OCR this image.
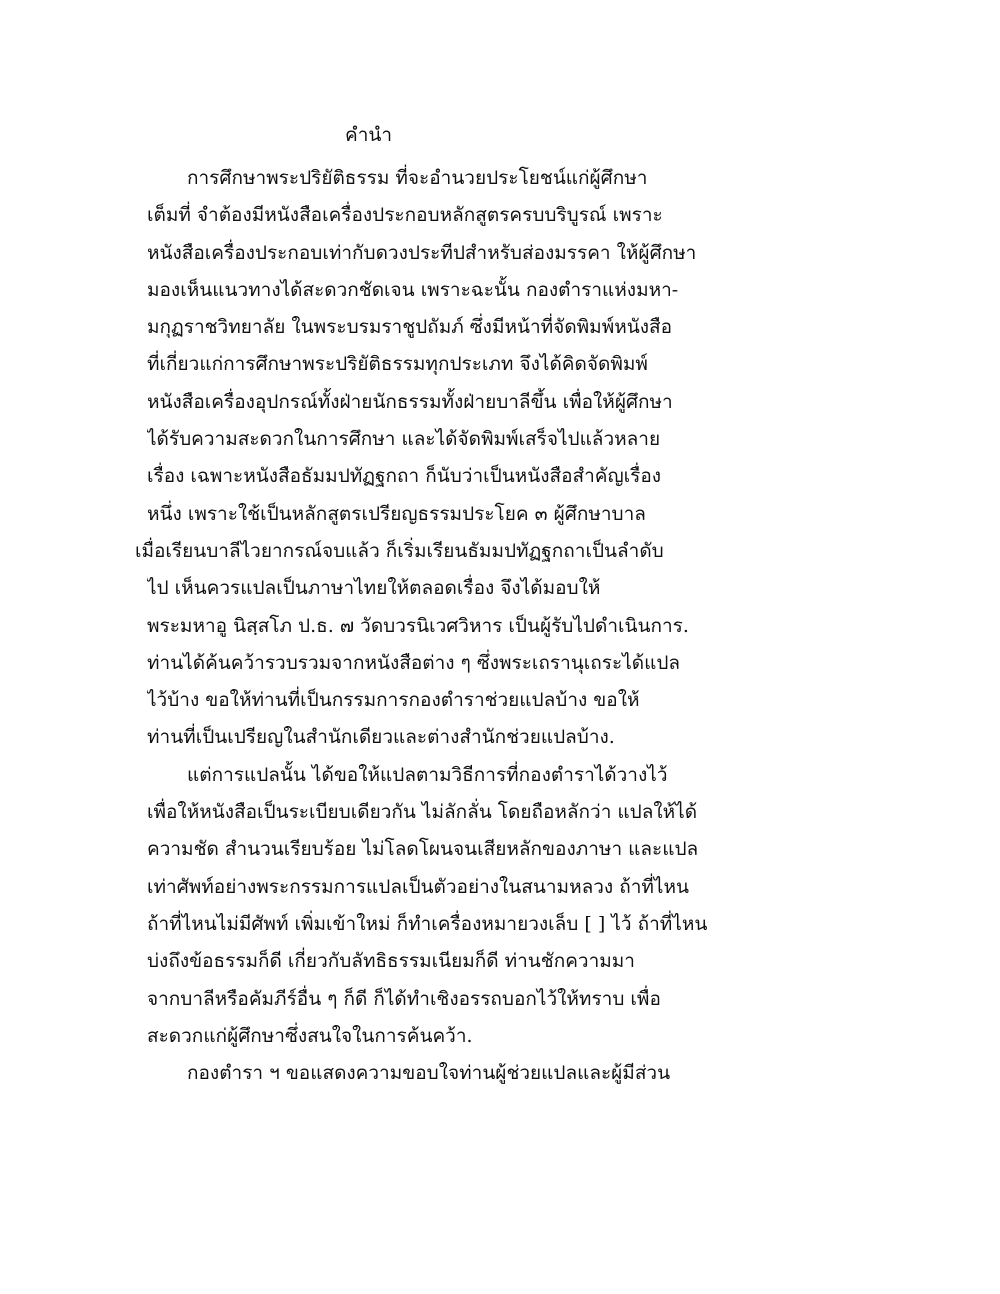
คำนำ
การศึกษาพระปริยัติธรรม ที่จะอำนวยประโยชน์แก่ผู้ศึกษา
เต็มที่ จำต้องมีหนังสือเครื่องประกอบหลักสูตรครบบริบูรณ์ เพราะ
หนังสือเครื่องประกอบเท่ากับดวงประทีปสำหรับส่องมรรคา ให้ผู้ศึกษา
มองเห็นแนวทางได้สะดวกชัดเจน เพราะฉะนั้น กองตำราแห่งมหา-
มกุฏราชวิทยาลัย ในพระบรมราชูปถัมภ์ ซึ่งมีหน้าที่จัดพิมพ์หนังสือ
ที่เกี่ยวแก่การศึกษาพระปริยัติธรรมทุกประเภท จึงได้คิดจัดพิมพ์
หนังสือเครื่องอุปกรณ์ทั้งฝ่ายนักธรรมทั้งฝ่ายบาลีขึ้น เพื่อให้ผู้ศึกษา
ได้รับความสะดวกในการศึกษา และได้จัดพิมพ์เสร็จไปแล้วหลาย
เรื่อง เฉพาะหนังสือธัมมปทัฏฐกถา ก็นับว่าเป็นหนังสือสำคัญเรื่อง
หนึ่ง เพราะใช้เป็นหลักสูตรเปรียญธรรมประโยค ๓ ผู้ศึกษาบาล
ีเมื่อเรียนบาลีไวยากรณ์จบแล้ว ก็เริ่มเรียนธัมมปทัฏฐกถาเป็นลำดับ
ไป เห็นควรแปลเป็นภาษาไทยให้ตลอดเรื่อง จึงได้มอบให้
พระมหาอู นิสฺสโภ ป.ธ. ๗ วัดบวรนิเวศวิหาร เป็นผู้รับไปดำเนินการ.
ท่านได้ค้นคว้ารวบรวมจากหนังสือต่าง ๆ ซึ่งพระเถรานุเถระได้แปล
ไว้บ้าง ขอให้ท่านที่เป็นกรรมการกองตำราช่วยแปลบ้าง ขอให้
ท่านที่เป็นเปรียญในสำนักเดียวและต่างสำนักช่วยแปลบ้าง.
แต่การแปลนั้น ได้ขอให้แปลตามวิธีการที่กองตำราได้วางไว้
เพื่อให้หนังสือเป็นระเบียบเดียวกัน ไม่ลักลั่น โดยถือหลักว่า แปลให้ได้
ความชัด สำนวนเรียบร้อย ไม่โลดโผนจนเสียหลักของภาษา และแปล
เท่าศัพท์อย่างพระกรรมการแปลเป็นตัวอย่างในสนามหลวง ถ้าที่ไหน
ถ้าที่ไหนไม่มีศัพท์ เพิ่มเข้าใหม่ ก็ทำเครื่องหมายวงเล็บ [ ] ไว้ ถ้าที่ไหน
บ่งถึงข้อธรรมก็ดี เกี่ยวกับลัทธิธรรมเนียมก็ดี ท่านชักความมา
จากบาลีหรือคัมภีร์อื่น ๆ ก็ดี ก็ได้ทำเชิงอรรถบอกไว้ให้ทราบ เพื่อ
สะดวกแก่ผู้ศึกษาซึ่งสนใจในการค้นคว้า.
กองตำรา ฯ ขอแสดงความขอบใจท่านผู้ช่วยแปลและผู้มีส่วน
